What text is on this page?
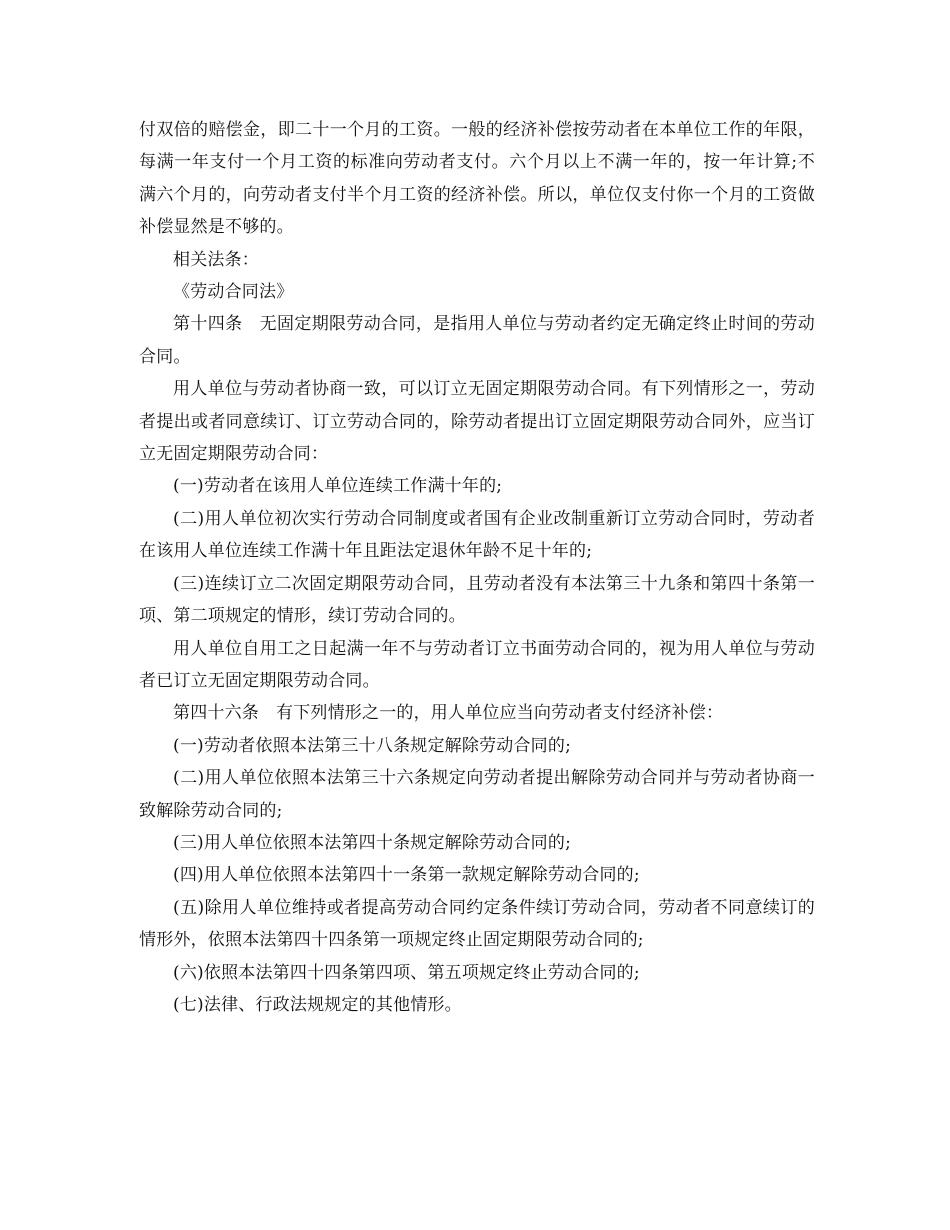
付双倍的赔偿金，即二十一个月的工资。一般的经济补偿按劳动者在本单位工作的年限，每满一年支付一个月工资的标准向劳动者支付。六个月以上不满一年的，按一年计算;不满六个月的，向劳动者支付半个月工资的经济补偿。所以，单位仅支付你一个月的工资做补偿显然是不够的。

相关法条：

《劳动合同法》

第十四条 无固定期限劳动合同，是指用人单位与劳动者约定无确定终止时间的劳动合同。

用人单位与劳动者协商一致，可以订立无固定期限劳动合同。有下列情形之一，劳动者提出或者同意续订、订立劳动合同的，除劳动者提出订立固定期限劳动合同外，应当订立无固定期限劳动合同：

(一)劳动者在该用人单位连续工作满十年的;

(二)用人单位初次实行劳动合同制度或者国有企业改制重新订立劳动合同时，劳动者在该用人单位连续工作满十年且距法定退休年龄不足十年的;

(三)连续订立二次固定期限劳动合同，且劳动者没有本法第三十九条和第四十条第一项、第二项规定的情形，续订劳动合同的。

用人单位自用工之日起满一年不与劳动者订立书面劳动合同的，视为用人单位与劳动者已订立无固定期限劳动合同。

第四十六条 有下列情形之一的，用人单位应当向劳动者支付经济补偿：

(一)劳动者依照本法第三十八条规定解除劳动合同的;

(二)用人单位依照本法第三十六条规定向劳动者提出解除劳动合同并与劳动者协商一致解除劳动合同的;

(三)用人单位依照本法第四十条规定解除劳动合同的;

(四)用人单位依照本法第四十一条第一款规定解除劳动合同的;

(五)除用人单位维持或者提高劳动合同约定条件续订劳动合同，劳动者不同意续订的情形外，依照本法第四十四条第一项规定终止固定期限劳动合同的;

(六)依照本法第四十四条第四项、第五项规定终止劳动合同的;

(七)法律、行政法规规定的其他情形。
